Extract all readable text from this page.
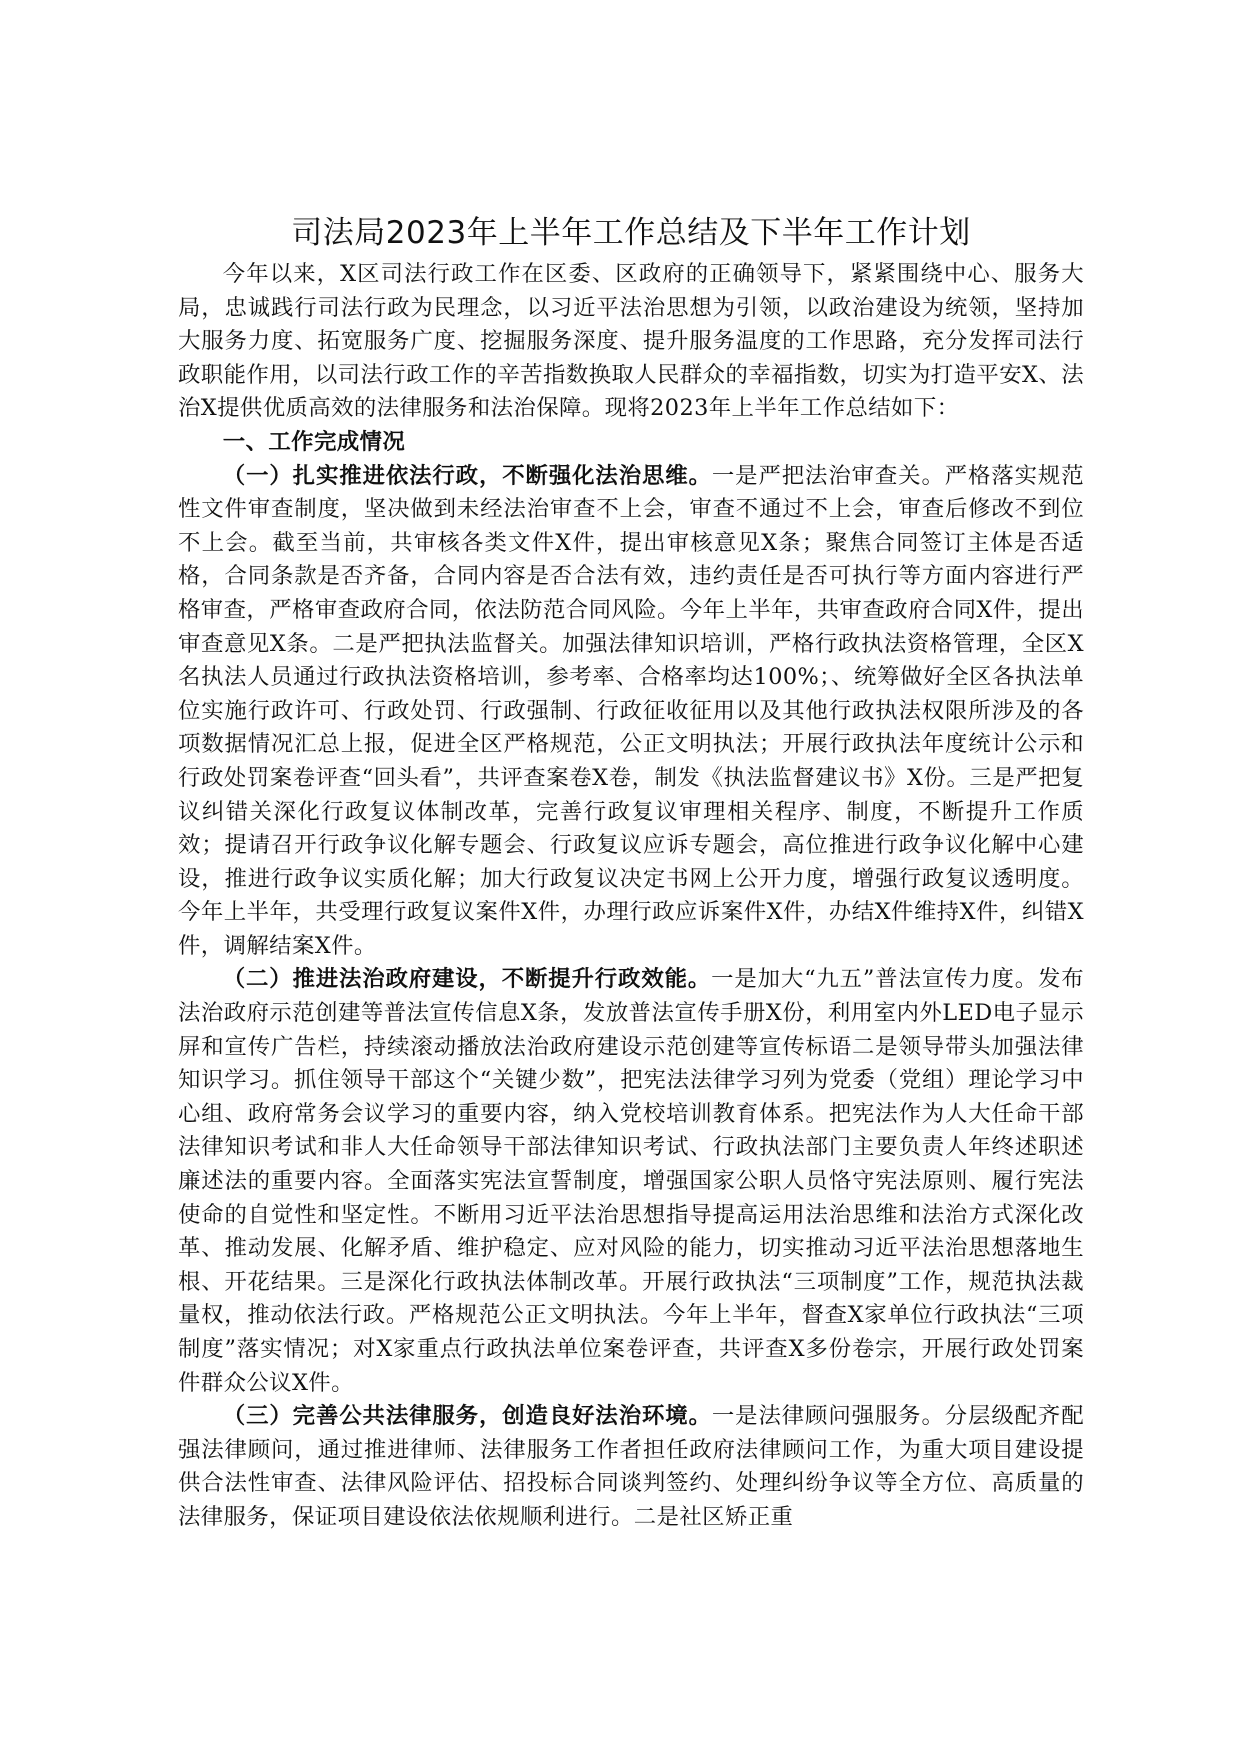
司法局2023年上半年工作总结及下半年工作计划

今年以来，X区司法行政工作在区委、区政府的正确领导下，紧紧围绕中心、服务大局，忠诚践行司法行政为民理念，以习近平法治思想为引领，以政治建设为统领，坚持加大服务力度、拓宽服务广度、挖掘服务深度、提升服务温度的工作思路，充分发挥司法行政职能作用，以司法行政工作的辛苦指数换取人民群众的幸福指数，切实为打造平安X、法治X提供优质高效的法律服务和法治保障。现将2023年上半年工作总结如下：

一、工作完成情况

（一）扎实推进依法行政，不断强化法治思维。一是严把法治审查关。严格落实规范性文件审查制度，坚决做到未经法治审查不上会，审查不通过不上会，审查后修改不到位不上会。截至当前，共审核各类文件X件，提出审核意见X条；聚焦合同签订主体是否适格，合同条款是否齐备，合同内容是否合法有效，违约责任是否可执行等方面内容进行严格审查，严格审查政府合同，依法防范合同风险。今年上半年，共审查政府合同X件，提出审查意见X条。二是严把执法监督关。加强法律知识培训，严格行政执法资格管理，全区X名执法人员通过行政执法资格培训，参考率、合格率均达100%；、统筹做好全区各执法单位实施行政许可、行政处罚、行政强制、行政征收征用以及其他行政执法权限所涉及的各项数据情况汇总上报，促进全区严格规范，公正文明执法；开展行政执法年度统计公示和行政处罚案卷评查“回头看”，共评查案卷X卷，制发《执法监督建议书》X份。三是严把复议纠错关深化行政复议体制改革，完善行政复议审理相关程序、制度，不断提升工作质效；提请召开行政争议化解专题会、行政复议应诉专题会，高位推进行政争议化解中心建设，推进行政争议实质化解；加大行政复议决定书网上公开力度，增强行政复议透明度。今年上半年，共受理行政复议案件X件，办理行政应诉案件X件，办结X件维持X件，纠错X件，调解结案X件。

（二）推进法治政府建设，不断提升行政效能。一是加大“九五”普法宣传力度。发布法治政府示范创建等普法宣传信息X条，发放普法宣传手册X份，利用室内外LED电子显示屏和宣传广告栏，持续滚动播放法治政府建设示范创建等宣传标语二是领导带头加强法律知识学习。抓住领导干部这个“关键少数”，把宪法法律学习列为党委（党组）理论学习中心组、政府常务会议学习的重要内容，纳入党校培训教育体系。把宪法作为人大任命干部法律知识考试和非人大任命领导干部法律知识考试、行政执法部门主要负责人年终述职述廉述法的重要内容。全面落实宪法宣誓制度，增强国家公职人员恪守宪法原则、履行宪法使命的自觉性和坚定性。不断用习近平法治思想指导提高运用法治思维和法治方式深化改革、推动发展、化解矛盾、维护稳定、应对风险的能力，切实推动习近平法治思想落地生根、开花结果。三是深化行政执法体制改革。开展行政执法“三项制度”工作，规范执法裁量权，推动依法行政。严格规范公正文明执法。今年上半年，督查X家单位行政执法“三项制度”落实情况；对X家重点行政执法单位案卷评查，共评查X多份卷宗，开展行政处罚案件群众公议X件。

（三）完善公共法律服务，创造良好法治环境。一是法律顾问强服务。分层级配齐配强法律顾问，通过推进律师、法律服务工作者担任政府法律顾问工作，为重大项目建设提供合法性审查、法律风险评估、招投标合同谈判签约、处理纠纷争议等全方位、高质量的法律服务，保证项目建设依法依规顺利进行。二是社区矫正重
